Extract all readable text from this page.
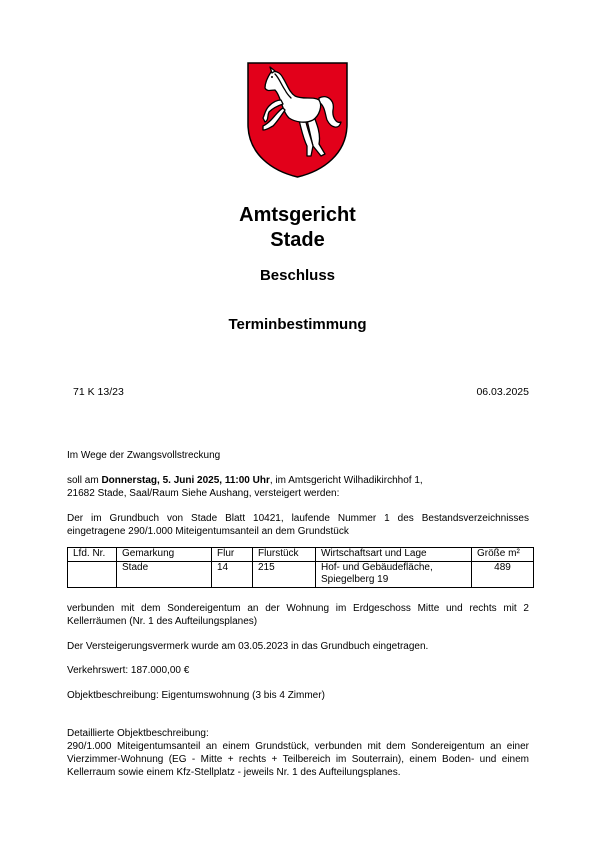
Amtsgericht
Stade
Beschluss
Terminbestimmung
71 K 13/23	06.03.2025
Im Wege der Zwangsvollstreckung
soll am Donnerstag, 5. Juni 2025, 11:00 Uhr, im Amtsgericht Wilhadikirchhof 1,
21682 Stade, Saal/Raum Siehe Aushang, versteigert werden:
Der im Grundbuch von Stade Blatt 10421, laufende Nummer 1 des Bestandsverzeichnisses eingetragene 290/1.000 Miteigentumsanteil an dem Grundstück
Lfd. Nr.	Gemarkung	Flur	Flurstück	Wirtschaftsart und Lage	Größe m²
	Stade	14	215	Hof- und Gebäudefläche, Spiegelberg 19	489
verbunden mit dem Sondereigentum an der Wohnung im Erdgeschoss Mitte und rechts mit 2 Kellerräumen (Nr. 1 des Aufteilungsplanes)
Der Versteigerungsvermerk wurde am 03.05.2023 in das Grundbuch eingetragen.
Verkehrswert: 187.000,00 €
Objektbeschreibung: Eigentumswohnung (3 bis 4 Zimmer)
Detaillierte Objektbeschreibung:
290/1.000 Miteigentumsanteil an einem Grundstück, verbunden mit dem Sondereigentum an einer Vierzimmer-Wohnung (EG - Mitte + rechts + Teilbereich im Souterrain), einem Boden- und einem Kellerraum sowie einem Kfz-Stellplatz - jeweils Nr. 1 des Aufteilungsplanes.
